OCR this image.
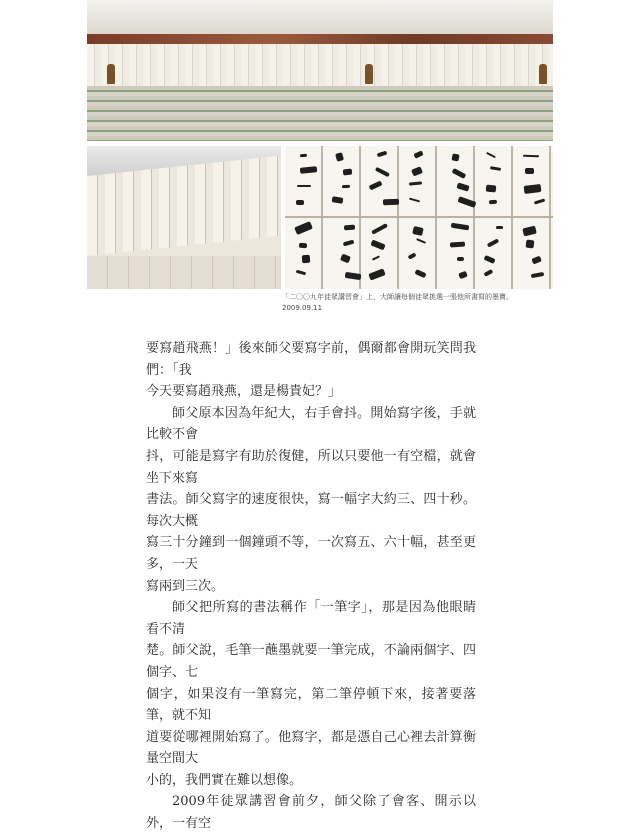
「二〇〇九年徒眾講習會」上，大師讓每個徒眾挑選一張他所書寫的墨寶。
2009.09.11

要寫趙飛燕！」後來師父要寫字前，偶爾都會開玩笑問我們：「我

今天要寫趙飛燕，還是楊貴妃？」

師父原本因為年紀大，右手會抖。開始寫字後，手就比較不會

抖，可能是寫字有助於復健，所以只要他一有空檔，就會坐下來寫

書法。師父寫字的速度很快，寫一幅字大約三、四十秒。每次大概

寫三十分鐘到一個鐘頭不等，一次寫五、六十幅，甚至更多，一天

寫兩到三次。

師父把所寫的書法稱作「一筆字」，那是因為他眼睛看不清

楚。師父說，毛筆一蘸墨就要一筆完成，不論兩個字、四個字、七

個字，如果沒有一筆寫完，第二筆停頓下來，接著要落筆，就不知

道要從哪裡開始寫了。他寫字，都是憑自己心裡去計算衡量空間大

小的，我們實在難以想像。

2009年徒眾講習會前夕，師父除了會客、開示以外，一有空
